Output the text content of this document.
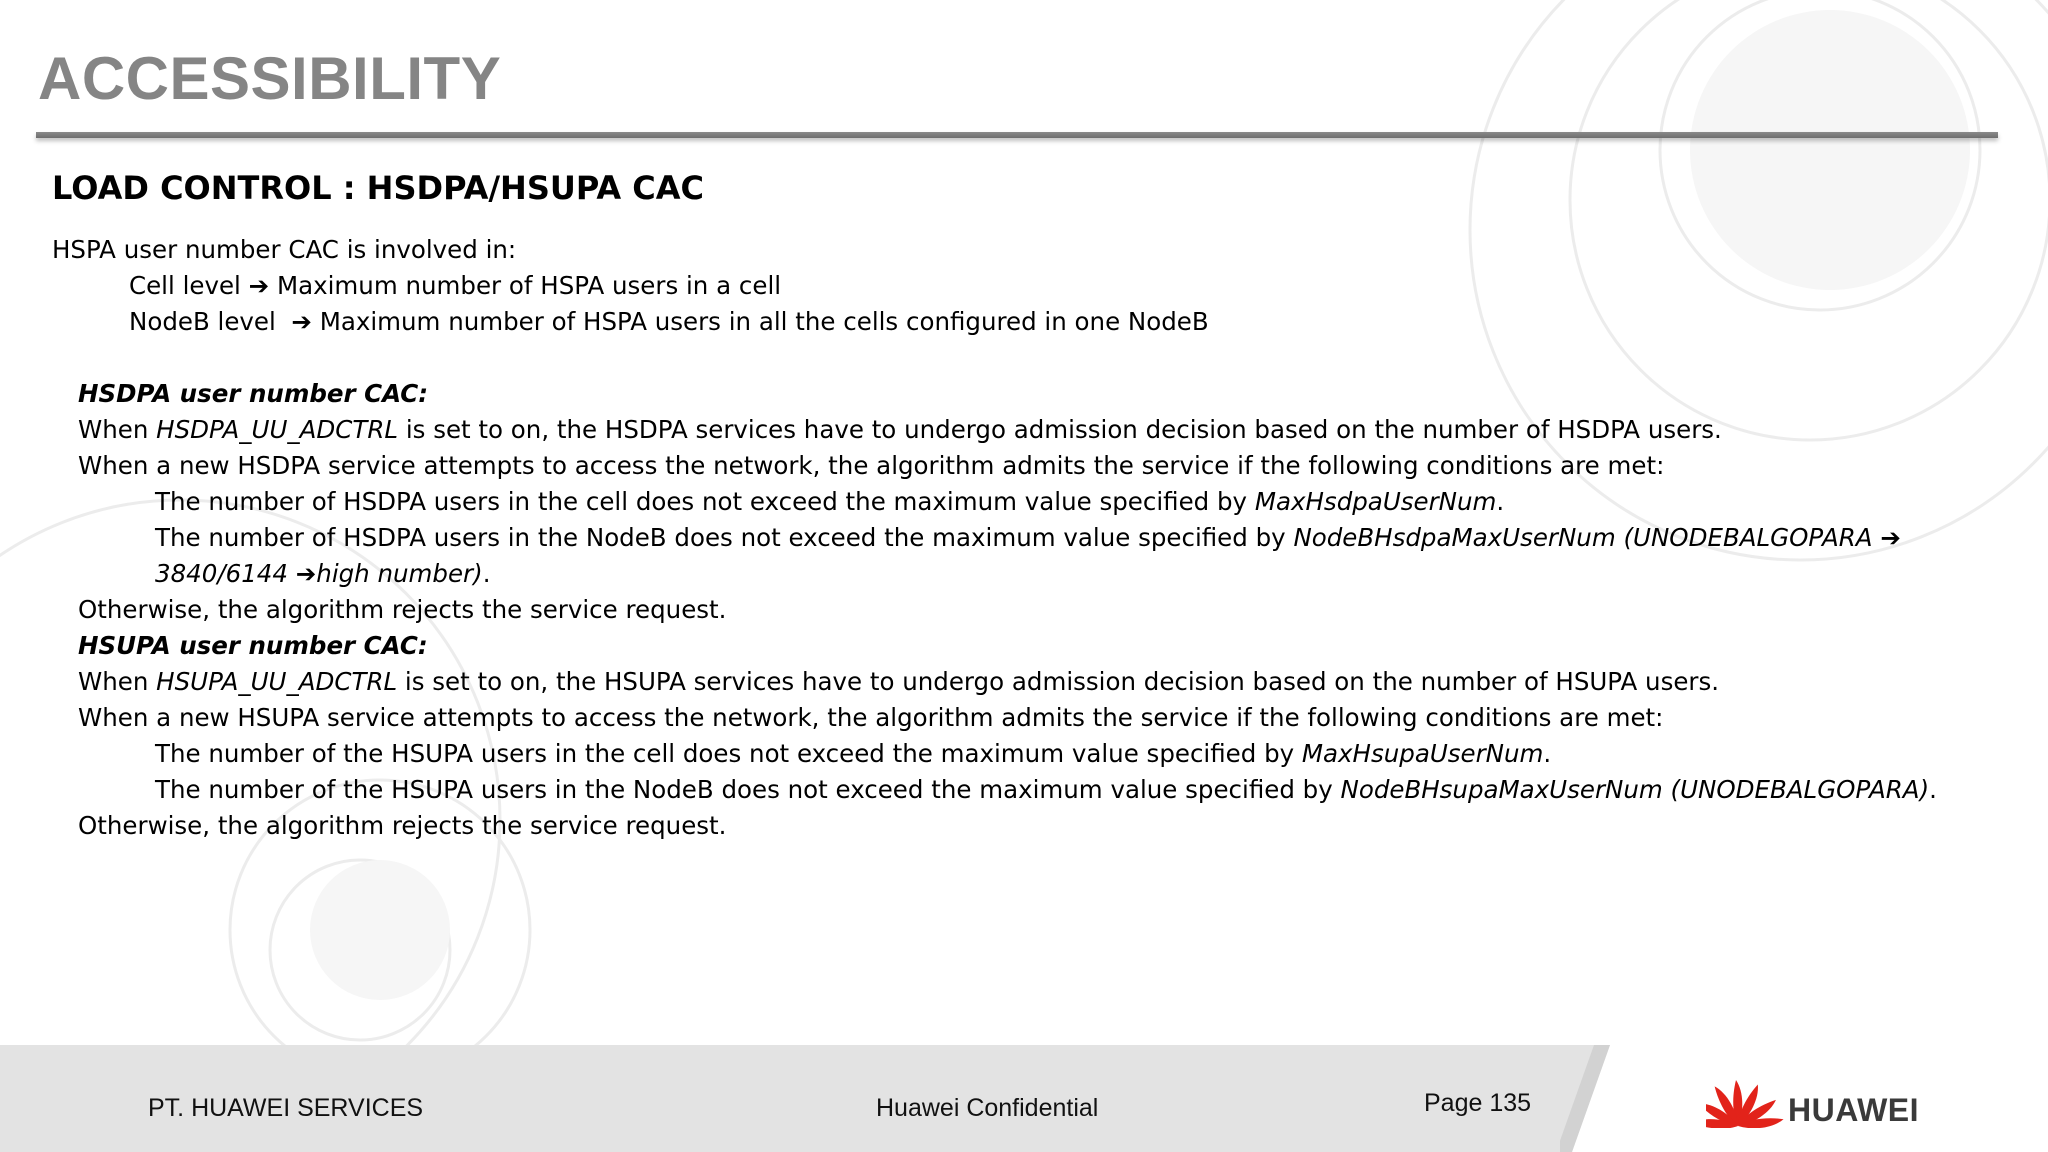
ACCESSIBILITY
LOAD CONTROL : HSDPA/HSUPA CAC
HSPA user number CAC is involved in:
Cell level ➔ Maximum number of HSPA users in a cell
NodeB level ➔ Maximum number of HSPA users in all the cells configured in one NodeB
HSDPA user number CAC:
When HSDPA_UU_ADCTRL is set to on, the HSDPA services have to undergo admission decision based on the number of HSDPA users.
When a new HSDPA service attempts to access the network, the algorithm admits the service if the following conditions are met:
The number of HSDPA users in the cell does not exceed the maximum value specified by MaxHsdpaUserNum.
The number of HSDPA users in the NodeB does not exceed the maximum value specified by NodeBHsdpaMaxUserNum (UNODEBALGOPARA ➔
3840/6144 ➔high number).
Otherwise, the algorithm rejects the service request.
HSUPA user number CAC:
When HSUPA_UU_ADCTRL is set to on, the HSUPA services have to undergo admission decision based on the number of HSUPA users.
When a new HSUPA service attempts to access the network, the algorithm admits the service if the following conditions are met:
The number of the HSUPA users in the cell does not exceed the maximum value specified by MaxHsupaUserNum.
The number of the HSUPA users in the NodeB does not exceed the maximum value specified by NodeBHsupaMaxUserNum (UNODEBALGOPARA).
Otherwise, the algorithm rejects the service request.
PT. HUAWEI SERVICES	Huawei Confidential	Page 135	HUAWEI
